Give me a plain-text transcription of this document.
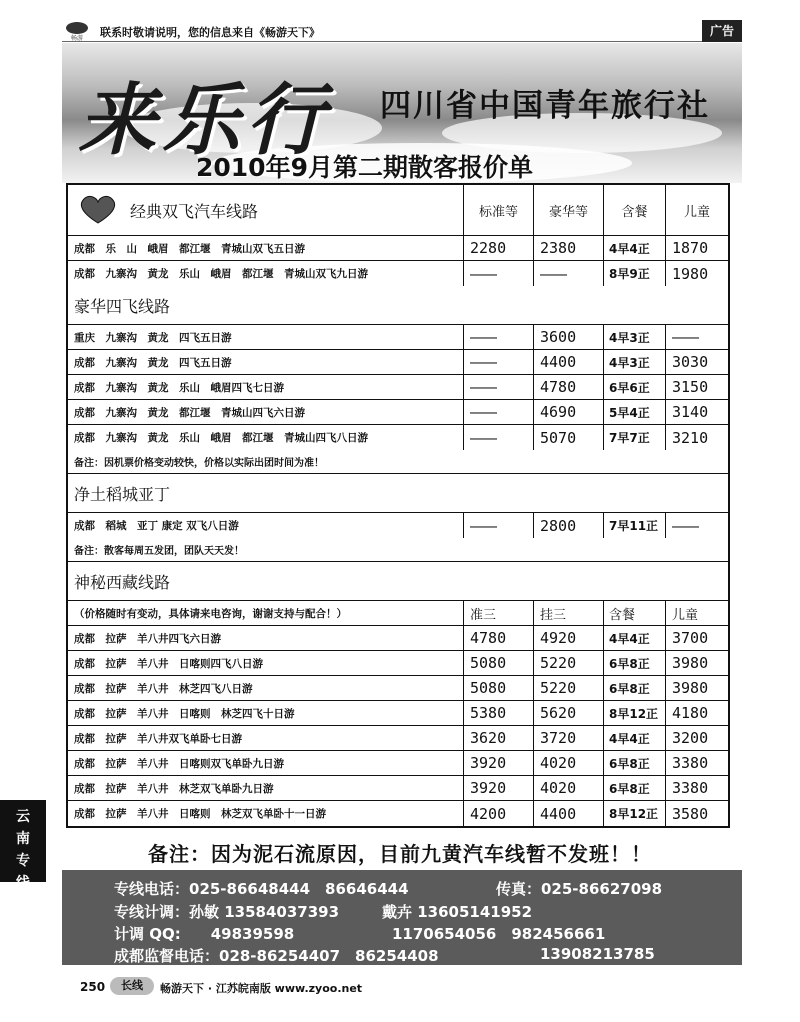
畅游 联系时敬请说明，您的信息来自《畅游天下》	广告
来乐行 四川省中国青年旅行社
2010年9月第二期散客报价单
经典双飞汽车线路	标准等	豪华等	含餐	儿童
成都　乐　山　峨眉　都江堰　青城山双飞五日游	2280	2380	4早4正	1870
成都　九寨沟　黄龙　乐山　峨眉　都江堰　青城山双飞九日游	———	———	8早9正	1980
豪华四飞线路
重庆　九寨沟　黄龙　四飞五日游	———	3600	4早3正	———
成都　九寨沟　黄龙　四飞五日游	———	4400	4早3正	3030
成都　九寨沟　黄龙　乐山　峨眉四飞七日游	———	4780	6早6正	3150
成都　九寨沟　黄龙　都江堰　青城山四飞六日游	———	4690	5早4正	3140
成都　九寨沟　黄龙　乐山　峨眉　都江堰　青城山四飞八日游	———	5070	7早7正	3210
备注：因机票价格变动较快，价格以实际出团时间为准！
净土稻城亚丁
成都　稻城　亚丁 康定 双飞八日游	———	2800	7早11正 ———
备注：散客每周五发团，团队天天发！
神秘西藏线路
（价格随时有变动，具体请来电咨询，谢谢支持与配合！）	准三	挂三	含餐	儿童
成都　拉萨　羊八井四飞六日游	4780	4920	4早4正	3700
成都　拉萨　羊八井　日喀则四飞八日游	5080	5220	6早8正	3980
成都　拉萨　羊八井　林芝四飞八日游	5080	5220	6早8正	3980
成都　拉萨　羊八井　日喀则　林芝四飞十日游	5380	5620	8早12正 4180
成都　拉萨　羊八井双飞单卧七日游	3620	3720	4早4正	3200
成都　拉萨　羊八井　日喀则双飞单卧九日游	3920	4020	6早8正	3380
成都　拉萨　羊八井　林芝双飞单卧九日游	3920	4020	6早8正	3380
成都　拉萨　羊八井　日喀则　林芝双飞单卧十一日游	4200	4400	8早12正 3580
备注：因为泥石流原因，目前九黄汽车线暂不发班！！
专线电话：025-86648444　86646444	传真：025-86627098
专线计调：孙敏 13584037393	戴卉 13605141952
计调 QQ:　　49839598	1170654056　982456661
成都监督电话：028-86254407　86254408	13908213785
云南专线
250	长线	畅游天下 · 江苏皖南版 www.zyoo.net
